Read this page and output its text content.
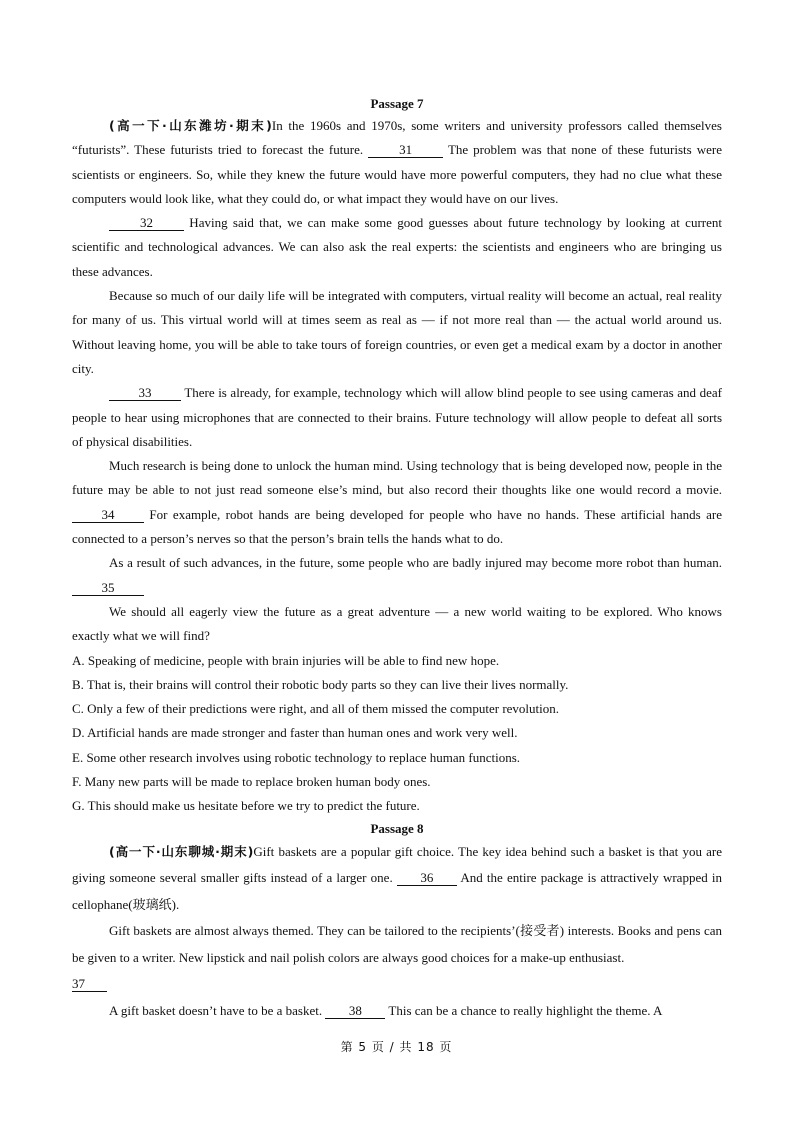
Passage 7

(高一下·山东潍坊·期末)In the 1960s and 1970s, some writers and university professors called themselves “futurists”. These futurists tried to forecast the future. 31 The problem was that none of these futurists were scientists or engineers. So, while they knew the future would have more powerful computers, they had no clue what these computers would look like, what they could do, or what impact they would have on our lives.

32 Having said that, we can make some good guesses about future technology by looking at current scientific and technological advances. We can also ask the real experts: the scientists and engineers who are bringing us these advances.

Because so much of our daily life will be integrated with computers, virtual reality will become an actual, real reality for many of us. This virtual world will at times seem as real as — if not more real than — the actual world around us. Without leaving home, you will be able to take tours of foreign countries, or even get a medical exam by a doctor in another city.

33 There is already, for example, technology which will allow blind people to see using cameras and deaf people to hear using microphones that are connected to their brains. Future technology will allow people to defeat all sorts of physical disabilities.

Much research is being done to unlock the human mind. Using technology that is being developed now, people in the future may be able to not just read someone else’s mind, but also record their thoughts like one would record a movie. 34 For example, robot hands are being developed for people who have no hands. These artificial hands are connected to a person’s nerves so that the person’s brain tells the hands what to do.

As a result of such advances, in the future, some people who are badly injured may become more robot than human. 35

We should all eagerly view the future as a great adventure — a new world waiting to be explored. Who knows exactly what we will find?

A. Speaking of medicine, people with brain injuries will be able to find new hope.

B. That is, their brains will control their robotic body parts so they can live their lives normally.

C. Only a few of their predictions were right, and all of them missed the computer revolution.

D. Artificial hands are made stronger and faster than human ones and work very well.

E. Some other research involves using robotic technology to replace human functions.

F. Many new parts will be made to replace broken human body ones.

G. This should make us hesitate before we try to predict the future.

Passage 8

(高一下·山东聊城·期末)Gift baskets are a popular gift choice. The key idea behind such a basket is that you are giving someone several smaller gifts instead of a larger one. 36 And the entire package is attractively wrapped in cellophane(玻璃纸).

Gift baskets are almost always themed. They can be tailored to the recipients’(接受者) interests. Books and pens can be given to a writer. New lipstick and nail polish colors are always good choices for a make-up enthusiast.
37

A gift basket doesn’t have to be a basket. 38 This can be a chance to really highlight the theme. A

第 5 页 / 共 18 页
